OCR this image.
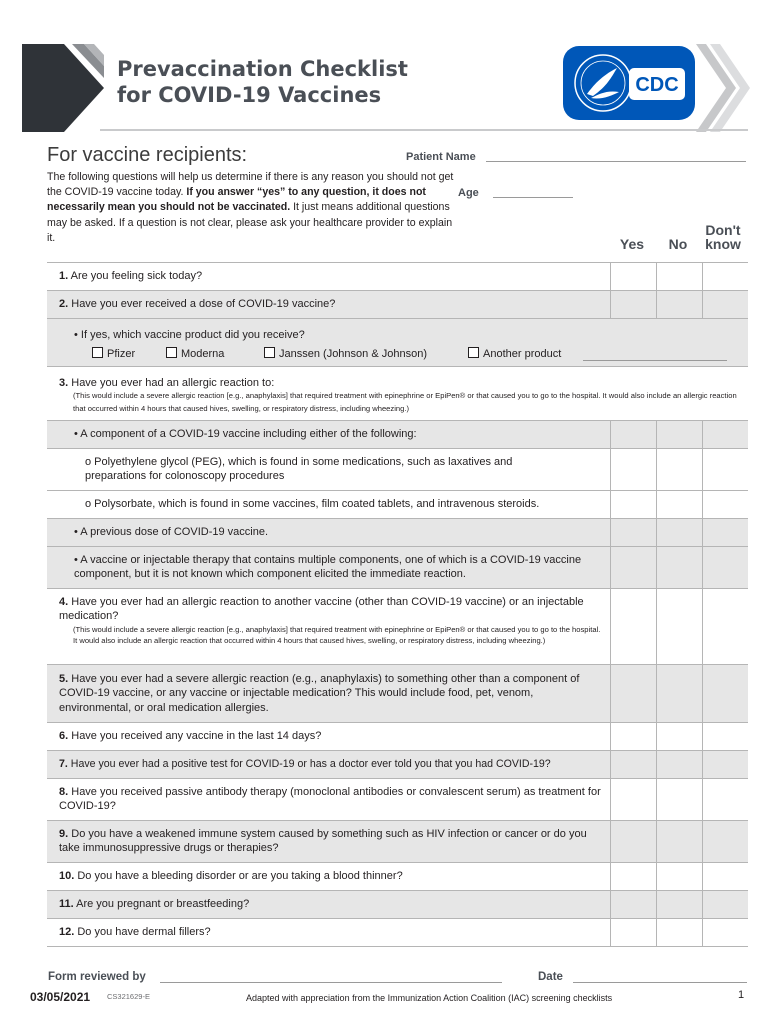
Prevaccination Checklist
for COVID-19 Vaccines	CDC
For vaccine recipients:
The following questions will help us determine if there is any reason you should not get the COVID-19 vaccine today. If you answer “yes” to any question, it does not necessarily mean you should not be vaccinated. It just means additional questions may be asked. If a question is not clear, please ask your healthcare provider to explain it.
Patient Name
Age
Yes	No
Don't
know
1. Are you feeling sick today?
2. Have you ever received a dose of COVID-19 vaccine?
• If yes, which vaccine product did you receive?
Pfizer	Moderna	Janssen (Johnson & Johnson)	Another product
3. Have you ever had an allergic reaction to:
(This would include a severe allergic reaction [e.g., anaphylaxis] that required treatment with epinephrine or EpiPen® or that caused you to go to the hospital. It would also include an allergic reaction that occurred within 4 hours that caused hives, swelling, or respiratory distress, including wheezing.)
• A component of a COVID-19 vaccine including either of the following:
o Polyethylene glycol (PEG), which is found in some medications, such as laxatives and preparations for colonoscopy procedures
o Polysorbate, which is found in some vaccines, film coated tablets, and intravenous steroids.
• A previous dose of COVID-19 vaccine.
• A vaccine or injectable therapy that contains multiple components, one of which is a COVID-19 vaccine component, but it is not known which component elicited the immediate reaction.
4. Have you ever had an allergic reaction to another vaccine (other than COVID-19 vaccine) or an injectable medication?
(This would include a severe allergic reaction [e.g., anaphylaxis] that required treatment with epinephrine or EpiPen® or that caused you to go to the hospital. It would also include an allergic reaction that occurred within 4 hours that caused hives, swelling, or respiratory distress, including wheezing.)
5. Have you ever had a severe allergic reaction (e.g., anaphylaxis) to something other than a component of COVID-19 vaccine, or any vaccine or injectable medication? This would include food, pet, venom, environmental, or oral medication allergies.
6. Have you received any vaccine in the last 14 days?
7. Have you ever had a positive test for COVID-19 or has a doctor ever told you that you had COVID-19?
8. Have you received passive antibody therapy (monoclonal antibodies or convalescent serum) as treatment for COVID-19?
9. Do you have a weakened immune system caused by something such as HIV infection or cancer or do you take immunosuppressive drugs or therapies?
10. Do you have a bleeding disorder or are you taking a blood thinner?
11. Are you pregnant or breastfeeding?
12. Do you have dermal fillers?
Form reviewed by	Date
03/05/2021 CS321629-E	Adapted with appreciation from the Immunization Action Coalition (IAC) screening checklists	1
